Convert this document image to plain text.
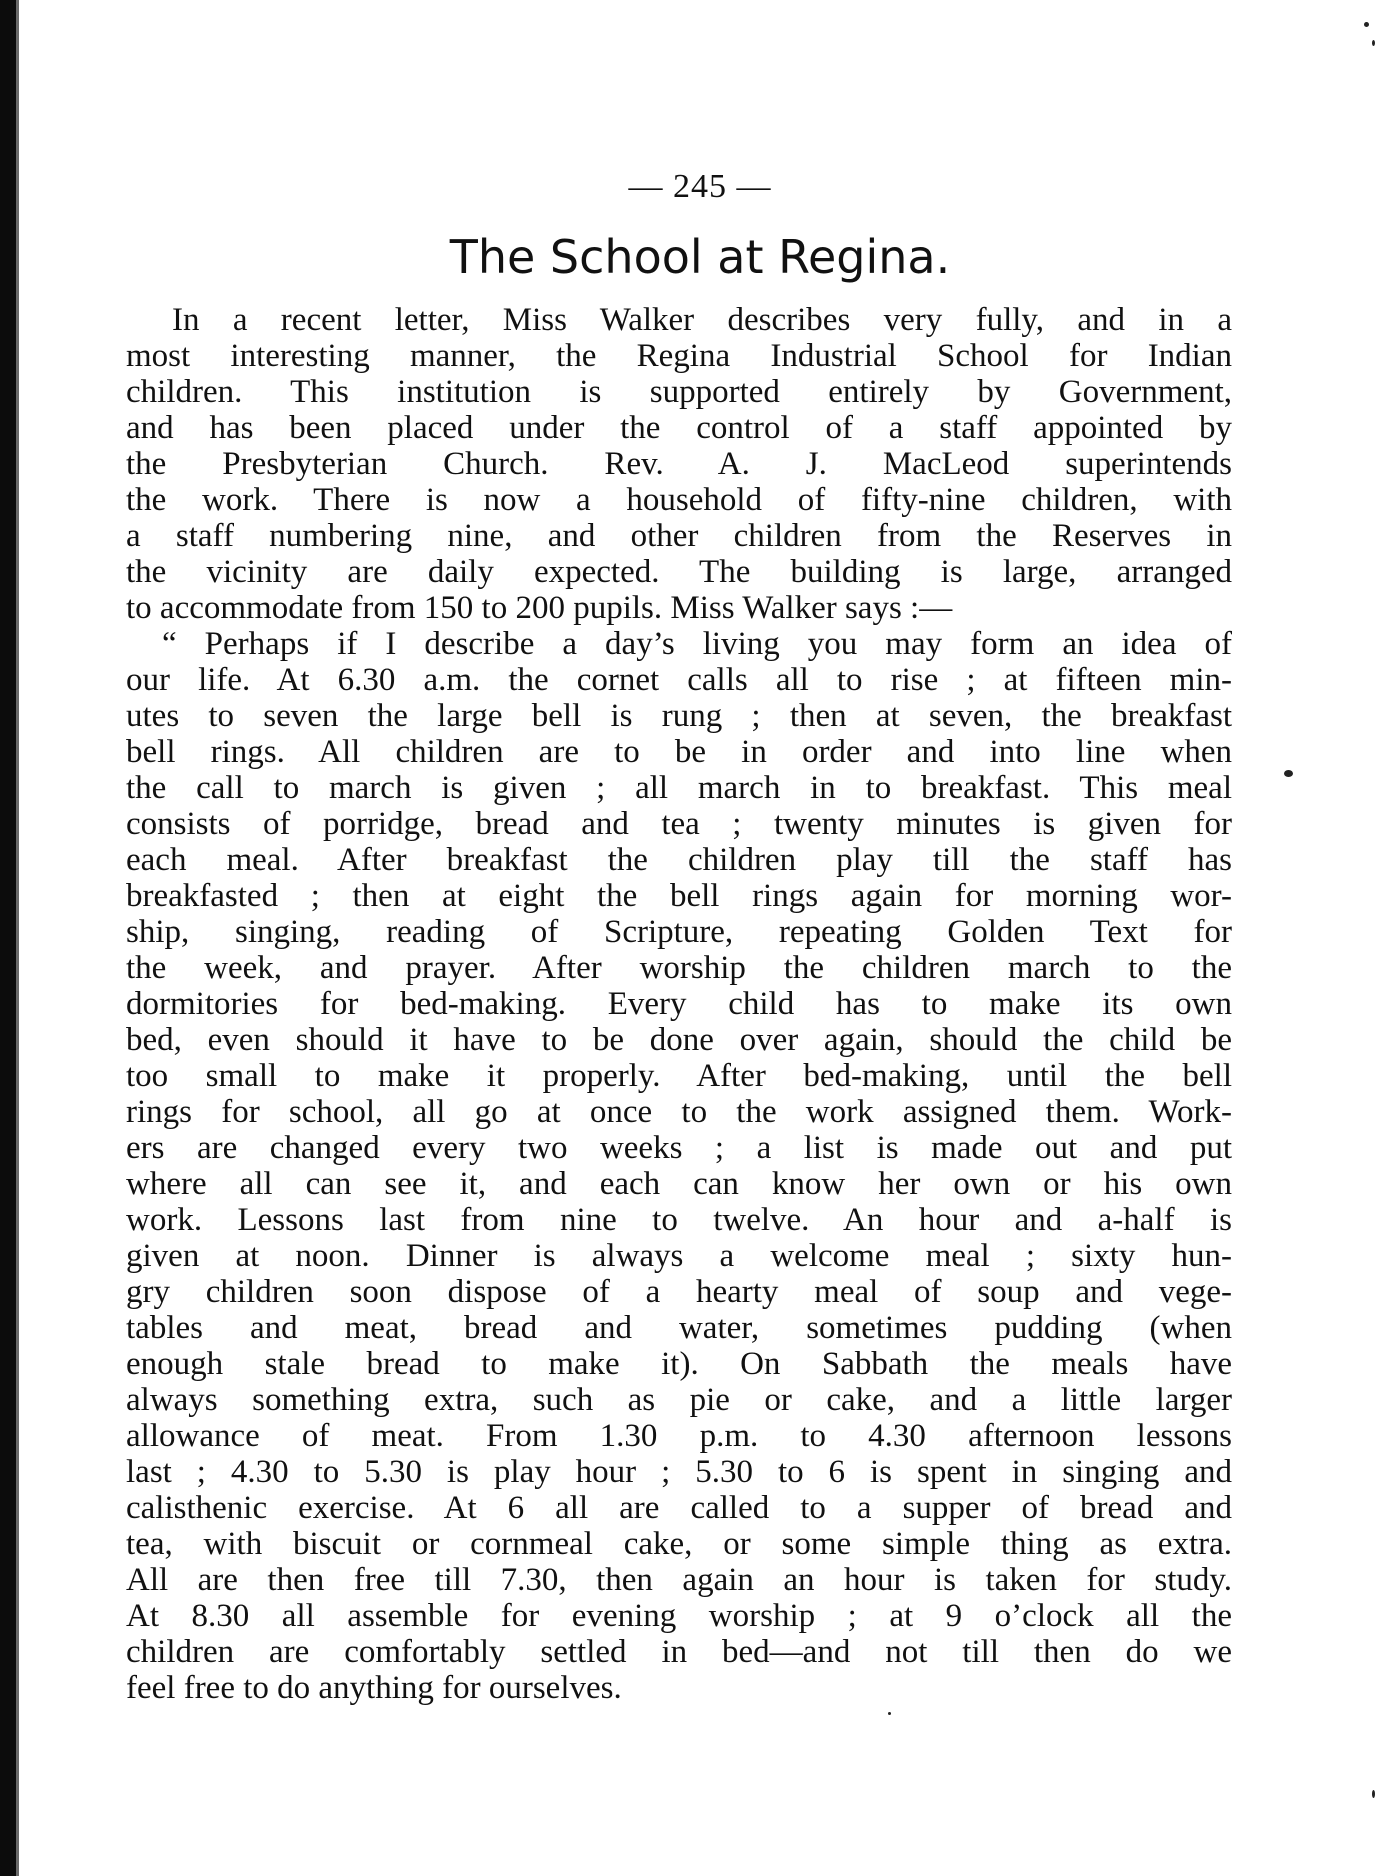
— 245 —
The School at Regina.
In a recent letter, Miss Walker describes very fully, and in a
most interesting manner, the Regina Industrial School for Indian
children. This institution is supported entirely by Government,
and has been placed under the control of a staff appointed by
the Presbyterian Church. Rev. A. J. MacLeod superintends
the work. There is now a household of fifty-nine children, with
a staff numbering nine, and other children from the Reserves in
the vicinity are daily expected. The building is large, arranged
to accommodate from 150 to 200 pupils. Miss Walker says :—
“ Perhaps if I describe a day’s living you may form an idea of
our life. At 6.30 a.m. the cornet calls all to rise ; at fifteen min-
utes to seven the large bell is rung ; then at seven, the breakfast
bell rings. All children are to be in order and into line when
the call to march is given ; all march in to breakfast. This meal
consists of porridge, bread and tea ; twenty minutes is given for
each meal. After breakfast the children play till the staff has
breakfasted ; then at eight the bell rings again for morning wor-
ship, singing, reading of Scripture, repeating Golden Text for
the week, and prayer. After worship the children march to the
dormitories for bed-making. Every child has to make its own
bed, even should it have to be done over again, should the child be
too small to make it properly. After bed-making, until the bell
rings for school, all go at once to the work assigned them. Work-
ers are changed every two weeks ; a list is made out and put
where all can see it, and each can know her own or his own
work. Lessons last from nine to twelve. An hour and a-half is
given at noon. Dinner is always a welcome meal ; sixty hun-
gry children soon dispose of a hearty meal of soup and vege-
tables and meat, bread and water, sometimes pudding (when
enough stale bread to make it). On Sabbath the meals have
always something extra, such as pie or cake, and a little larger
allowance of meat. From 1.30 p.m. to 4.30 afternoon lessons
last ; 4.30 to 5.30 is play hour ; 5.30 to 6 is spent in singing and
calisthenic exercise. At 6 all are called to a supper of bread and
tea, with biscuit or cornmeal cake, or some simple thing as extra.
All are then free till 7.30, then again an hour is taken for study.
At 8.30 all assemble for evening worship ; at 9 o’clock all the
children are comfortably settled in bed—and not till then do we
feel free to do anything for ourselves.
